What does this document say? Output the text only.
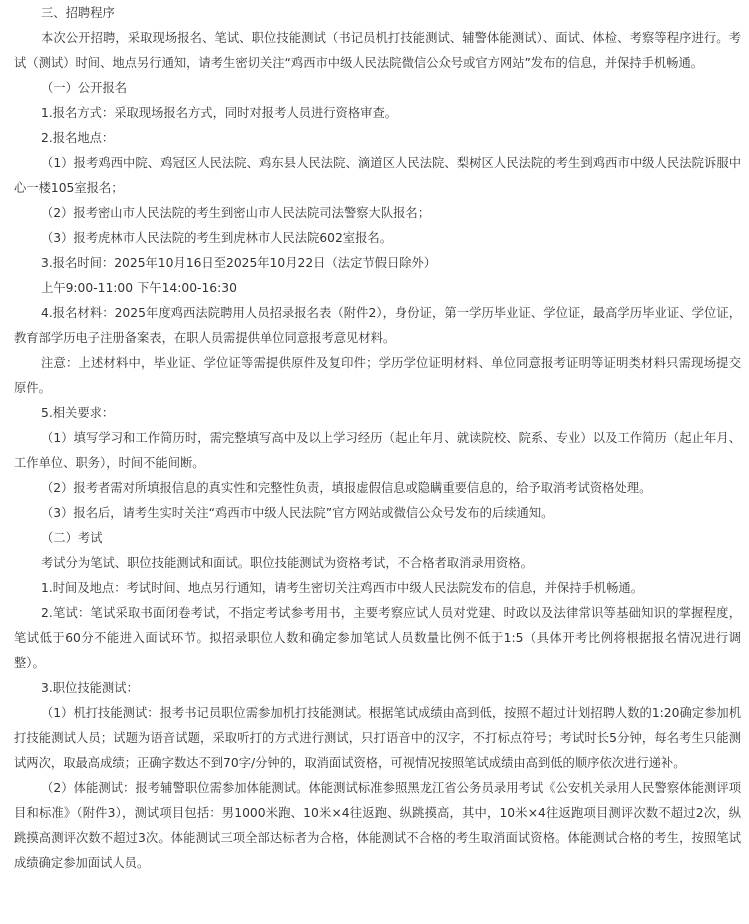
三、招聘程序

本次公开招聘，采取现场报名、笔试、职位技能测试（书记员机打技能测试、辅警体能测试）、面试、体检、考察等程序进行。考试（测试）时间、地点另行通知，请考生密切关注“鸡西市中级人民法院微信公众号或官方网站”发布的信息，并保持手机畅通。

（一）公开报名

1.报名方式：采取现场报名方式，同时对报考人员进行资格审查。

2.报名地点：

（1）报考鸡西中院、鸡冠区人民法院、鸡东县人民法院、滴道区人民法院、梨树区人民法院的考生到鸡西市中级人民法院诉服中心一楼105室报名；

（2）报考密山市人民法院的考生到密山市人民法院司法警察大队报名；

（3）报考虎林市人民法院的考生到虎林市人民法院602室报名。

3.报名时间：2025年10月16日至2025年10月22日（法定节假日除外）

上午9:00-11:00 下午14:00-16:30

4.报名材料：2025年度鸡西法院聘用人员招录报名表（附件2），身份证，第一学历毕业证、学位证，最高学历毕业证、学位证，教育部学历电子注册备案表，在职人员需提供单位同意报考意见材料。

注意：上述材料中，毕业证、学位证等需提供原件及复印件；学历学位证明材料、单位同意报考证明等证明类材料只需现场提交原件。

5.相关要求：

（1）填写学习和工作简历时，需完整填写高中及以上学习经历（起止年月、就读院校、院系、专业）以及工作简历（起止年月、工作单位、职务），时间不能间断。

（2）报考者需对所填报信息的真实性和完整性负责，填报虚假信息或隐瞒重要信息的，给予取消考试资格处理。

（3）报名后，请考生实时关注“鸡西市中级人民法院”官方网站或微信公众号发布的后续通知。

（二）考试

考试分为笔试、职位技能测试和面试。职位技能测试为资格考试，不合格者取消录用资格。

1.时间及地点：考试时间、地点另行通知，请考生密切关注鸡西市中级人民法院发布的信息，并保持手机畅通。

2.笔试：笔试采取书面闭卷考试，不指定考试参考用书，主要考察应试人员对党建、时政以及法律常识等基础知识的掌握程度，笔试低于60分不能进入面试环节。拟招录职位人数和确定参加笔试人员数量比例不低于1:5（具体开考比例将根据报名情况进行调整）。

3.职位技能测试：

（1）机打技能测试：报考书记员职位需参加机打技能测试。根据笔试成绩由高到低，按照不超过计划招聘人数的1:20确定参加机打技能测试人员；试题为语音试题，采取听打的方式进行测试，只打语音中的汉字，不打标点符号；考试时长5分钟，每名考生只能测试两次，取最高成绩；正确字数达不到70字/分钟的，取消面试资格，可视情况按照笔试成绩由高到低的顺序依次进行递补。

（2）体能测试：报考辅警职位需参加体能测试。体能测试标准参照黑龙江省公务员录用考试《公安机关录用人民警察体能测评项目和标准》（附件3），测试项目包括：男1000米跑、10米×4往返跑、纵跳摸高，其中，10米×4往返跑项目测评次数不超过2次，纵跳摸高测评次数不超过3次。体能测试三项全部达标者为合格，体能测试不合格的考生取消面试资格。体能测试合格的考生，按照笔试成绩确定参加面试人员。
